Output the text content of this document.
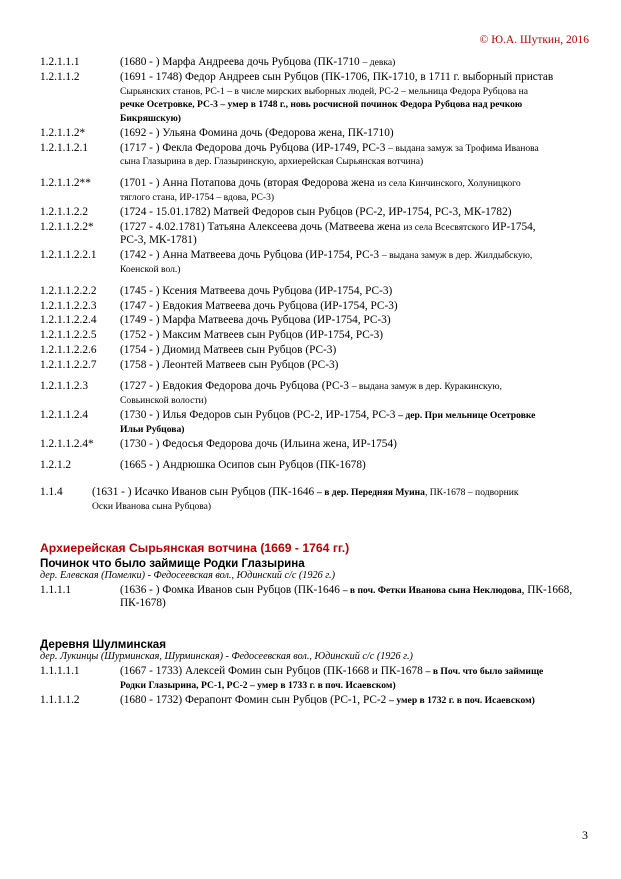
© Ю.А. Шуткин, 2016
1.2.1.1.1	(1680 - ) Марфа Андреева дочь Рубцова (ПК-1710 – девка)
1.2.1.1.2	(1691 - 1748) Федор Андреев сын Рубцов (ПК-1706, ПК-1710, в 1711 г. выборный пристав
Сырьянских станов, РС-1 – в числе мирских выборных людей, РС-2 – мельница Федора Рубцова на
речке Осетровке, РС-3 – умер в 1748 г., новь росчисной починок Федора Рубцова над речкою
Бикряшскую)
1.2.1.1.2*	(1692 - ) Ульяна Фомина дочь (Федорова жена, ПК-1710)
1.2.1.1.2.1	(1717 - ) Фекла Федорова дочь Рубцова (ИР-1749, РС-3 – выдана замуж за Трофима Иванова
сына Глазырина в дер. Глазыринскую, архиерейская Сырьянская вотчина)
1.2.1.1.2**	(1701 - ) Анна Потапова дочь (вторая Федорова жена из села Кинчинского, Холуницкого
тяглого стана, ИР-1754 – вдова, РС-3)
1.2.1.1.2.2	(1724 - 15.01.1782) Матвей Федоров сын Рубцов (РС-2, ИР-1754, РС-3, МК-1782)
1.2.1.1.2.2*	(1727 - 4.02.1781) Татьяна Алексеева дочь (Матвеева жена из села Всесвятского ИР-1754,
РС-3, МК-1781)
1.2.1.1.2.2.1	(1742 - ) Анна Матвеева дочь Рубцова (ИР-1754, РС-3 – выдана замуж в дер. Жилдыбскую,
Коенской вол.)
1.2.1.1.2.2.2	(1745 - ) Ксения Матвеева дочь Рубцова (ИР-1754, РС-3)
1.2.1.1.2.2.3	(1747 - ) Евдокия Матвеева дочь Рубцова (ИР-1754, РС-3)
1.2.1.1.2.2.4	(1749 - ) Марфа Матвеева дочь Рубцова (ИР-1754, РС-3)
1.2.1.1.2.2.5	(1752 - ) Максим Матвеев сын Рубцов (ИР-1754, РС-3)
1.2.1.1.2.2.6	(1754 - ) Диомид Матвеев сын Рубцов (РС-3)
1.2.1.1.2.2.7	(1758 - ) Леонтей Матвеев сын Рубцов (РС-3)
1.2.1.1.2.3	(1727 - ) Евдокия Федорова дочь Рубцова (РС-3 – выдана замуж в дер. Куракинскую,
Совьинской волости)
1.2.1.1.2.4	(1730 - ) Илья Федоров сын Рубцов (РС-2, ИР-1754, РС-3 – дер. При мельнице Осетровке
Ильи Рубцова)
1.2.1.1.2.4*	(1730 - ) Федосья Федорова дочь (Ильина жена, ИР-1754)
1.2.1.2	(1665 - ) Андрюшка Осипов сын Рубцов (ПК-1678)
1.1.4	(1631 - ) Исачко Иванов сын Рубцов (ПК-1646 – в дер. Передняя Муина, ПК-1678 – подворник
Оски Иванова сына Рубцова)
Архиерейская Сырьянская вотчина (1669 - 1764 гг.)
Починок что было займище Родки Глазырина
дер. Елевская (Помелки) - Федосеевская вол., Юдинский с/с (1926 г.)
1.1.1.1	(1636 - ) Фомка Иванов сын Рубцов (ПК-1646 – в поч. Фетки Иванова сына Неклюдова, ПК-1668,
ПК-1678)
Деревня Шулминская
дер. Лукинцы (Шурминская, Шурминская) - Федосеевская вол., Юдинский с/с (1926 г.)
1.1.1.1.1	(1667 - 1733) Алексей Фомин сын Рубцов (ПК-1668 и ПК-1678 – в Поч. что было займище
Родки Глазырина, РС-1, РС-2 – умер в 1733 г. в поч. Исаевском)
1.1.1.1.2	(1680 - 1732) Ферапонт Фомин сын Рубцов (РС-1, РС-2 – умер в 1732 г. в поч. Исаевском)
3
